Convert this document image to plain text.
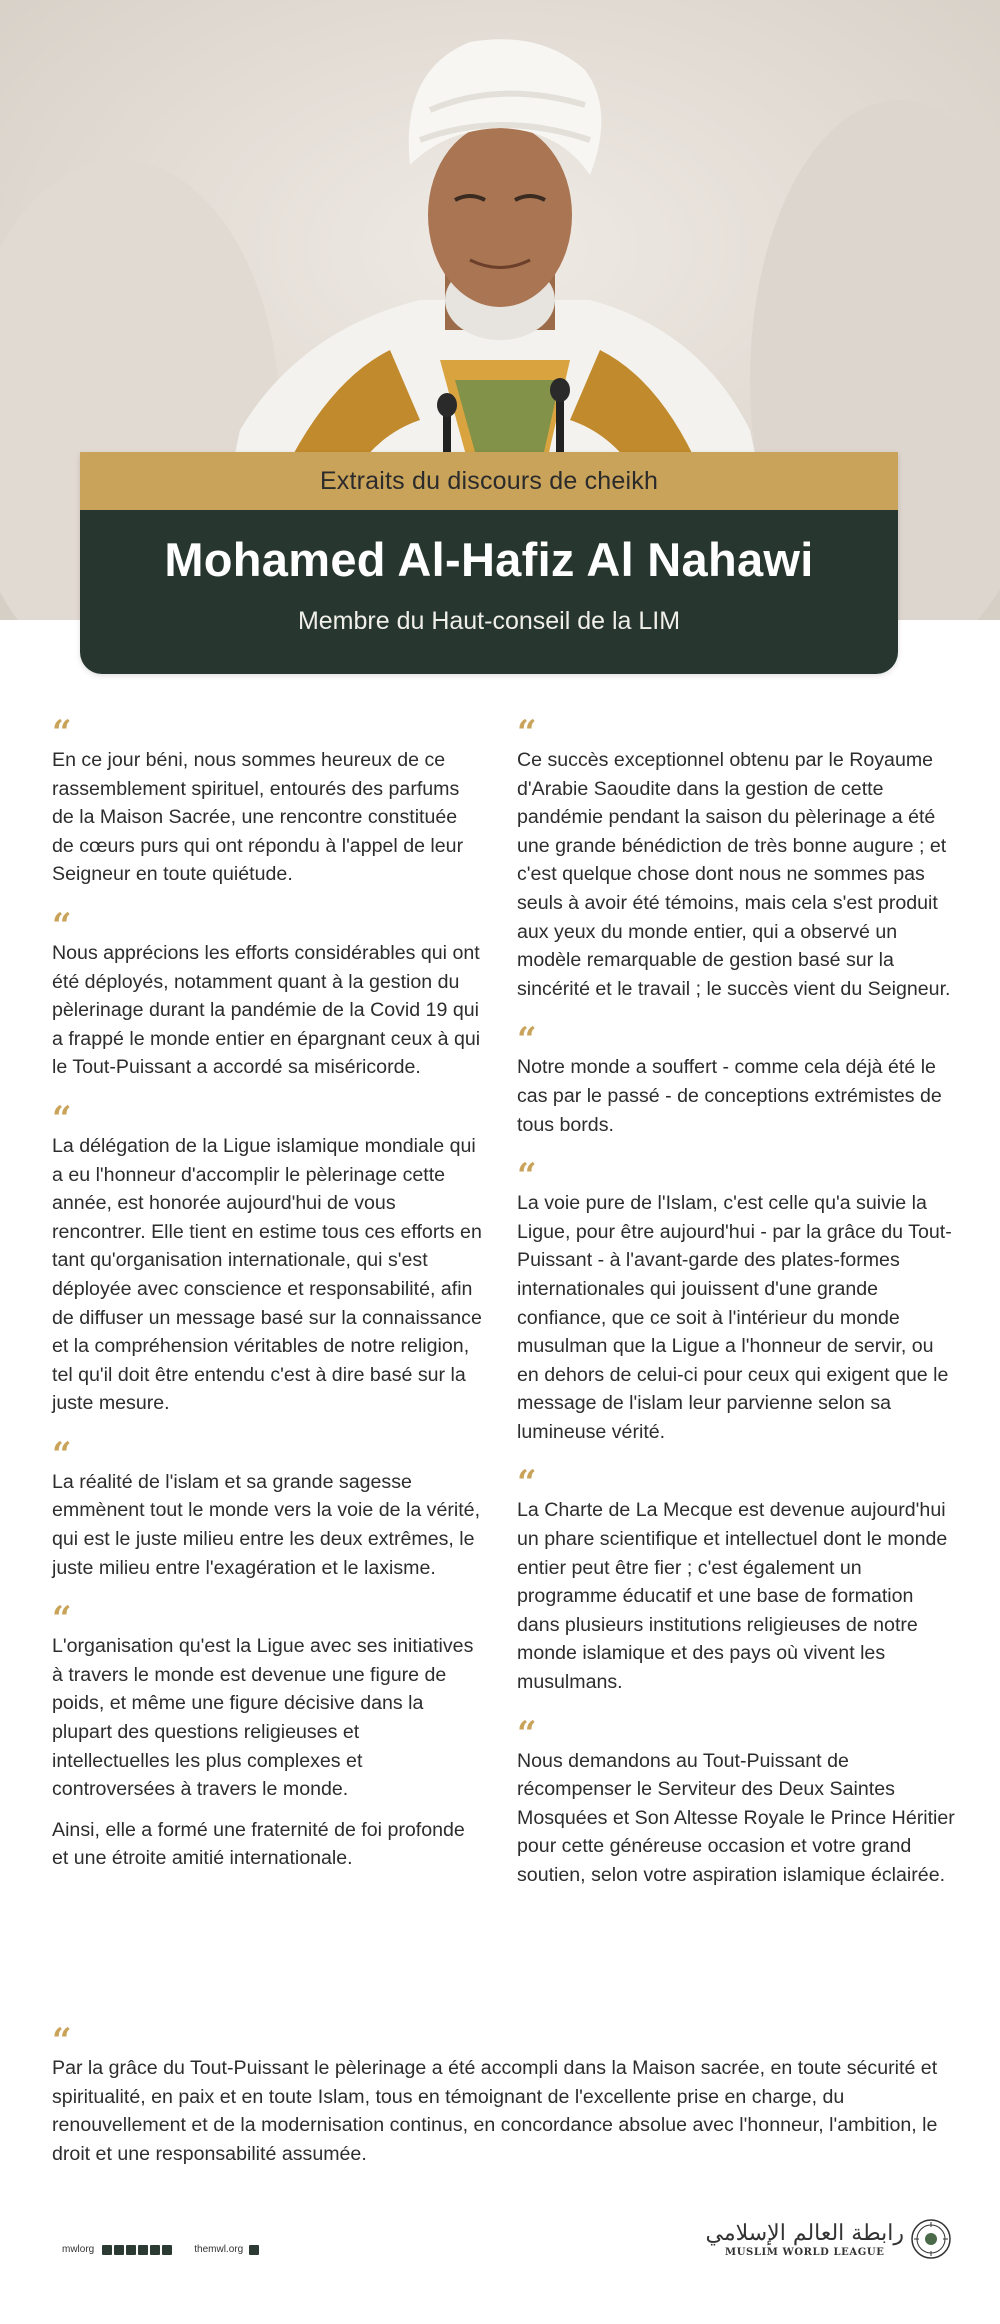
Extraits du discours de cheikh
Mohamed Al-Hafiz Al Nahawi
Membre du Haut-conseil de la LIM
“

En ce jour béni, nous sommes heureux de ce rassemblement spirituel, entourés des parfums de la Maison Sacrée, une rencontre constituée de cœurs purs qui ont répondu à l'appel de leur Seigneur en toute quiétude.

“

Nous apprécions les efforts considérables qui ont été déployés, notamment quant à la gestion du pèlerinage durant la pandémie de la Covid 19 qui a frappé le monde entier en épargnant ceux à qui le Tout-Puissant a accordé sa miséricorde.

“

La délégation de la Ligue islamique mondiale qui a eu l'honneur d'accomplir le pèlerinage cette année, est honorée aujourd'hui de vous rencontrer. Elle tient en estime tous ces efforts en tant qu'organisation internationale, qui s'est déployée avec conscience et responsabilité, afin de diffuser un message basé sur la connaissance et la compréhension véritables de notre religion, tel qu'il doit être entendu c'est à dire basé sur la juste mesure.

“

La réalité de l'islam et sa grande sagesse emmènent tout le monde vers la voie de la vérité, qui est le juste milieu entre les deux extrêmes, le juste milieu entre l'exagération et le laxisme.

“

L'organisation qu'est la Ligue avec ses initiatives à travers le monde est devenue une figure de poids, et même une figure décisive dans la plupart des questions religieuses et intellectuelles les plus complexes et controversées à travers le monde.

Ainsi, elle a formé une fraternité de foi profonde et une étroite amitié internationale.

“

Ce succès exceptionnel obtenu par le Royaume d'Arabie Saoudite dans la gestion de cette pandémie pendant la saison du pèlerinage a été une grande bénédiction de très bonne augure ; et c'est quelque chose dont nous ne sommes pas seuls à avoir été témoins, mais cela s'est produit aux yeux du monde entier, qui a observé un modèle remarquable de gestion basé sur la sincérité et le travail ; le succès vient du Seigneur.

“

Notre monde a souffert - comme cela déjà été le cas par le passé - de conceptions extrémistes de tous bords.

“

La voie pure de l'Islam, c'est celle qu'a suivie la Ligue, pour être aujourd'hui - par la grâce du Tout-Puissant - à l'avant-garde des plates-formes internationales qui jouissent d'une grande confiance, que ce soit à l'intérieur du monde musulman que la Ligue a l'honneur de servir, ou en dehors de celui-ci pour ceux qui exigent que le message de l'islam leur parvienne selon sa lumineuse vérité.

“

La Charte de La Mecque est devenue aujourd'hui un phare scientifique et intellectuel dont le monde entier peut être fier ; c'est également un programme éducatif et une base de formation dans plusieurs institutions religieuses de notre monde islamique et des pays où vivent les musulmans.

“

Nous demandons au Tout-Puissant de récompenser le Serviteur des Deux Saintes Mosquées et Son Altesse Royale le Prince Héritier pour cette généreuse occasion et votre grand soutien, selon votre aspiration islamique éclairée.

“

Par la grâce du Tout-Puissant le pèlerinage a été accompli dans la Maison sacrée, en toute sécurité et spiritualité, en paix et en toute Islam, tous en témoignant de l'excellente prise en charge, du renouvellement et de la modernisation continus, en concordance absolue avec l'honneur, l'ambition, le droit et une responsabilité assumée.

mwlorg	themwl.org
رابطة العالم الإسلامي
MUSLIM WORLD LEAGUE
